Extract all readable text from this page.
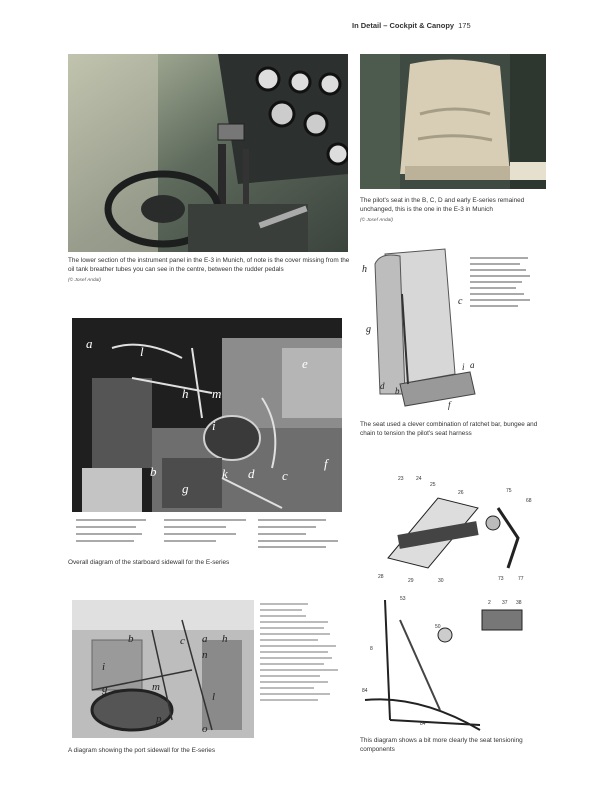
In Detail – Cockpit & Canopy 175
The lower section of the instrument panel in the E-3 in Munich, of note is the cover missing from the oil tank breather tubes you can see in the centre, between the rudder pedals
(© Josef Andal)
The pilot's seat in the B, C, D and early E-series remained unchanged, this is the one in the E-3 in Munich
(© Josef Andal)
h
g
c
d b
i a
f
The seat used a clever combination of ratchet bar, bungee and chain to tension the pilot's seat harness
a
l
e
h m
i
b
g
k d c
f
Overall diagram of the starboard sidewall for the E-series
23 24
25
26	75
68
28
29	30	73	77
53
50
8
2 37 38
84
84
This diagram shows a bit more clearly the seat tensioning components
b	c a h
i
n
g	m
l
p
o
A diagram showing the port sidewall for the E-series
